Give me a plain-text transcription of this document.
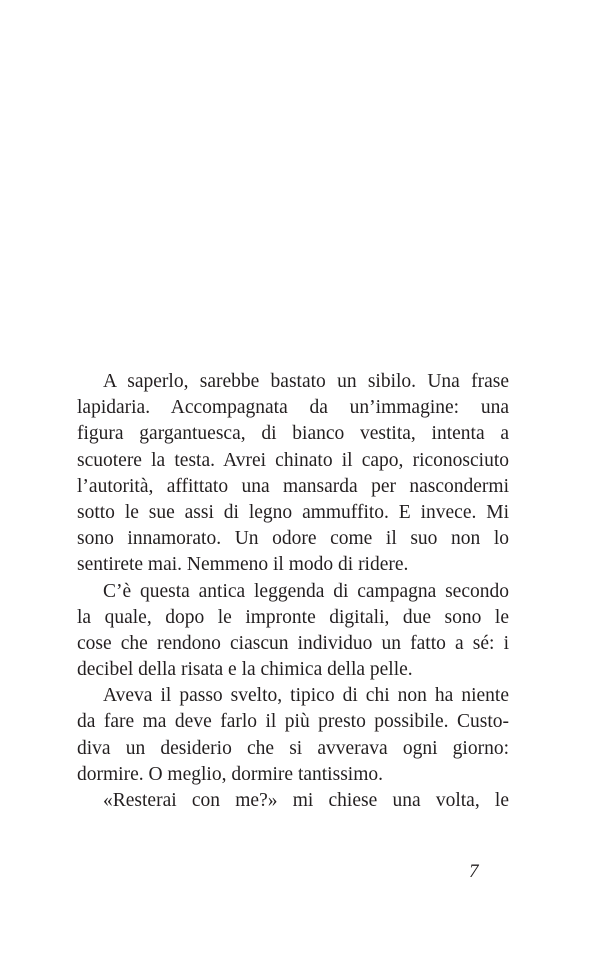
A saperlo, sarebbe bastato un sibilo. Una frase
lapidaria. Accompagnata da un’immagine: una
figura gargantuesca, di bianco vestita, intenta a
scuotere la testa. Avrei chinato il capo, riconosciuto
l’autorità, affittato una mansarda per nascondermi
sotto le sue assi di legno ammuffito. E invece. Mi
sono innamorato. Un odore come il suo non lo
sentirete mai. Nemmeno il modo di ridere.

C’è questa antica leggenda di campagna secondo
la quale, dopo le impronte digitali, due sono le
cose che rendono ciascun individuo un fatto a sé: i
decibel della risata e la chimica della pelle.

Aveva il passo svelto, tipico di chi non ha niente
da fare ma deve farlo il più presto possibile. Custo-
diva un desiderio che si avverava ogni giorno:
dormire. O meglio, dormire tantissimo.

«Resterai con me?» mi chiese una volta, le

7
